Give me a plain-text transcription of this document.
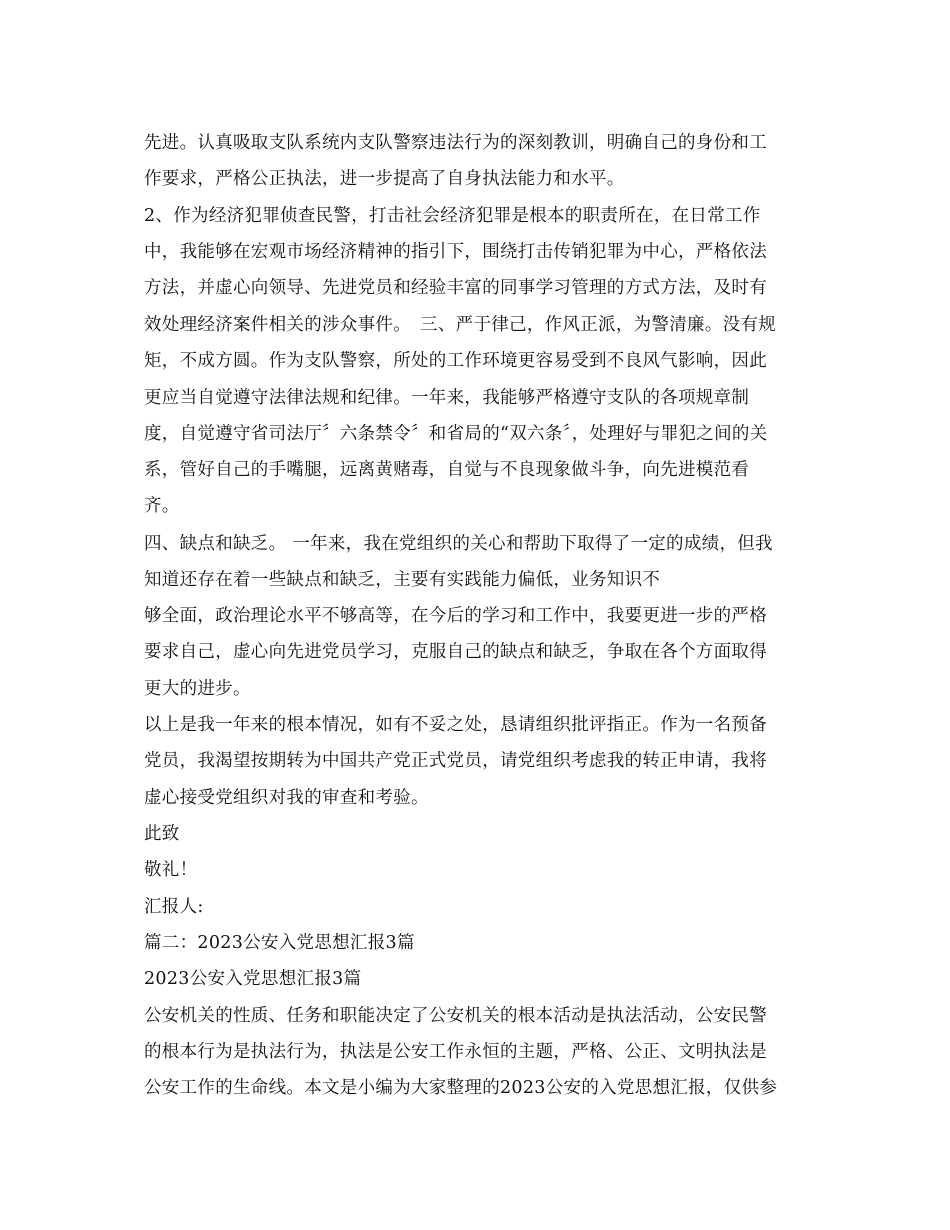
先进。认真吸取支队系统内支队警察违法行为的深刻教训，明确自己的身份和工
作要求，严格公正执法，进一步提高了自身执法能力和水平。
2、作为经济犯罪侦查民警，打击社会经济犯罪是根本的职责所在，在日常工作
中，我能够在宏观市场经济精神的指引下，围绕打击传销犯罪为中心，严格依法
方法，并虚心向领导、先进党员和经验丰富的同事学习管理的方式方法，及时有
效处理经济案件相关的涉众事件。　三、严于律己，作风正派，为警清廉。没有规
矩，不成方圆。作为支队警察，所处的工作环境更容易受到不良风气影响，因此
更应当自觉遵守法律法规和纪律。一年来，我能够严格遵守支队的各项规章制
度，自觉遵守省司法厅〞六条禁令〞和省局的“双六条〞，处理好与罪犯之间的关
系，管好自己的手嘴腿，远离黄赌毒，自觉与不良现象做斗争，向先进模范看
齐。
四、缺点和缺乏。 一年来，我在党组织的关心和帮助下取得了一定的成绩，但我
知道还存在着一些缺点和缺乏，主要有实践能力偏低，业务知识不
够全面，政治理论水平不够高等，在今后的学习和工作中，我要更进一步的严格
要求自己，虚心向先进党员学习，克服自己的缺点和缺乏，争取在各个方面取得
更大的进步。
以上是我一年来的根本情况，如有不妥之处，恳请组织批评指正。作为一名预备
党员，我渴望按期转为中国共产党正式党员，请党组织考虑我的转正申请，我将
虚心接受党组织对我的审查和考验。
此致
敬礼！
汇报人:
篇二：2023公安入党思想汇报3篇
2023公安入党思想汇报3篇
公安机关的性质、任务和职能决定了公安机关的根本活动是执法活动，公安民警
的根本行为是执法行为，执法是公安工作永恒的主题，严格、公正、文明执法是
公安工作的生命线。本文是小编为大家整理的2023公安的入党思想汇报，仅供参
